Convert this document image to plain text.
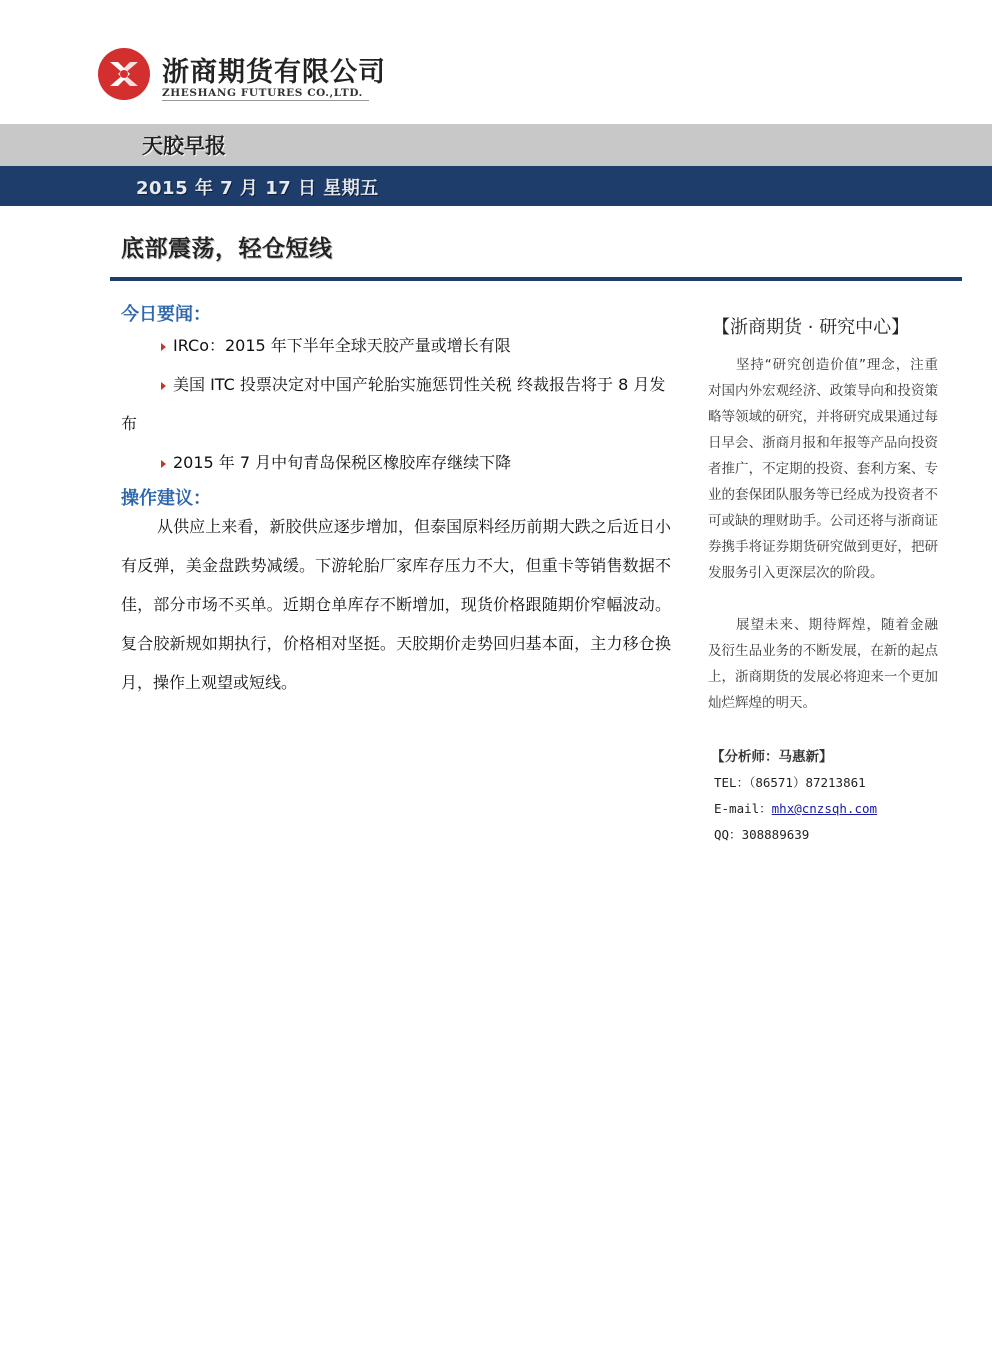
浙商期货有限公司
ZHESHANG FUTURES CO.,LTD.
天胶早报
2015 年 7 月 17 日 星期五
底部震荡，轻仓短线
今日要闻：
IRCo：2015 年下半年全球天胶产量或增长有限
美国 ITC 投票决定对中国产轮胎实施惩罚性关税 终裁报告将于 8 月发布
2015 年 7 月中旬青岛保税区橡胶库存继续下降
操作建议：

从供应上来看，新胶供应逐步增加，但泰国原料经历前期大跌之后近日小有反弹，美金盘跌势减缓。下游轮胎厂家库存压力不大，但重卡等销售数据不佳，部分市场不买单。近期仓单库存不断增加，现货价格跟随期价窄幅波动。复合胶新规如期执行，价格相对坚挺。天胶期价走势回归基本面，主力移仓换月，操作上观望或短线。

【浙商期货 · 研究中心】

坚持“研究创造价值”理念，注重对国内外宏观经济、政策导向和投资策略等领域的研究，并将研究成果通过每日早会、浙商月报和年报等产品向投资者推广，不定期的投资、套利方案、专业的套保团队服务等已经成为投资者不可或缺的理财助手。公司还将与浙商证券携手将证券期货研究做到更好，把研发服务引入更深层次的阶段。

展望未来、期待辉煌，随着金融及衍生品业务的不断发展，在新的起点上，浙商期货的发展必将迎来一个更加灿烂辉煌的明天。

【分析师：马惠新】
TEL：（86571）87213861
E-mail：mhx@cnzsqh.com
QQ：308889639
